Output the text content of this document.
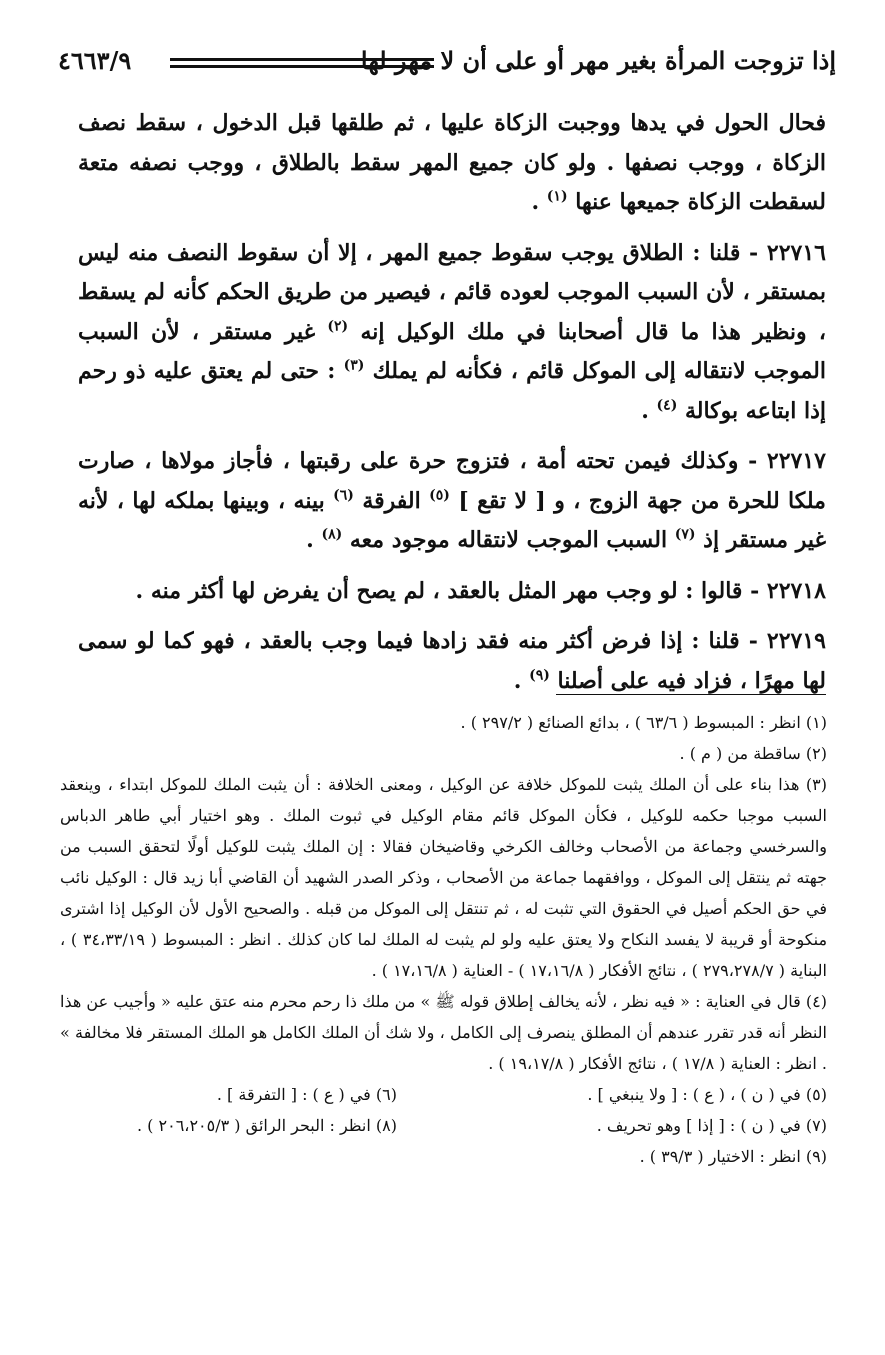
إذا تزوجت المرأة بغير مهر أو على أن لا مهر لها
٤٦٦٣/٩

فحال الحول في يدها ووجبت الزكاة عليها ، ثم طلقها قبل الدخول ، سقط نصف الزكاة ، ووجب نصفها . ولو كان جميع المهر سقط بالطلاق ، ووجب نصفه متعة لسقطت الزكاة جميعها عنها $^{(١)}$ .

٢٢٧١٦ - قلنا : الطلاق يوجب سقوط جميع المهر ، إلا أن سقوط النصف منه ليس بمستقر ، لأن السبب الموجب لعوده قائم ، فيصير من طريق الحكم كأنه لم يسقط ، ونظير هذا ما قال أصحابنا في ملك الوكيل إنه $^{(٢)}$ غير مستقر ، لأن السبب الموجب لانتقاله إلى الموكل قائم ، فكأنه لم يملك $^{(٣)}$ : حتى لم يعتق عليه ذو رحم إذا ابتاعه بوكالة $^{(٤)}$ .

٢٢٧١٧ - وكذلك فيمن تحته أمة ، فتزوج حرة على رقبتها ، فأجاز مولاها ، صارت ملكا للحرة من جهة الزوج ، و [ لا تقع ] $^{(٥)}$ الفرقة $^{(٦)}$ بينه ، وبينها بملكه لها ، لأنه غير مستقر إذ $^{(٧)}$ السبب الموجب لانتقاله موجود معه $^{(٨)}$ .

٢٢٧١٨ - قالوا : لو وجب مهر المثل بالعقد ، لم يصح أن يفرض لها أكثر منه .

٢٢٧١٩ - قلنا : إذا فرض أكثر منه فقد زادها فيما وجب بالعقد ، فهو كما لو سمى لها مهرًا ، فزاد فيه على أصلنا $^{(٩)}$ .

(١) انظر : المبسوط ( ٦٣/٦ ) ، بدائع الصنائع ( ٢٩٧/٢ ) .

(٢) ساقطة من ( م ) .

(٣) هذا بناء على أن الملك يثبت للموكل خلافة عن الوكيل ، ومعنى الخلافة : أن يثبت الملك للموكل ابتداء ، وينعقد السبب موجبا حكمه للوكيل ، فكأن الموكل قائم مقام الوكيل في ثبوت الملك . وهو اختيار أبي طاهر الدباس والسرخسي وجماعة من الأصحاب وخالف الكرخي وقاضيخان فقالا : إن الملك يثبت للوكيل أولًا لتحقق السبب من جهته ثم ينتقل إلى الموكل ، ووافقهما جماعة من الأصحاب ، وذكر الصدر الشهيد أن القاضي أبا زيد قال : الوكيل نائب في حق الحكم أصيل في الحقوق التي تثبت له ، ثم تنتقل إلى الموكل من قبله . والصحيح الأول لأن الوكيل إذا اشترى منكوحة أو قريبة لا يفسد النكاح ولا يعتق عليه ولو لم يثبت له الملك لما كان كذلك . انظر : المبسوط ( ٣٤،٣٣/١٩ ) ، البناية ( ٢٧٩،٢٧٨/٧ ) ، نتائج الأفكار ( ١٧،١٦/٨ ) - العناية ( ١٧،١٦/٨ ) .

(٤) قال في العناية : « فيه نظر ، لأنه يخالف إطلاق قوله ﷺ » من ملك ذا رحم محرم منه عتق عليه « وأجيب عن هذا النظر أنه قدر تقرر عندهم أن المطلق ينصرف إلى الكامل ، ولا شك أن الملك الكامل هو الملك المستقر فلا مخالفة » . انظر : العناية ( ١٧/٨ ) ، نتائج الأفكار ( ١٩،١٧/٨ ) .

(٥) في ( ن ) ، ( ع ) : [ ولا ينبغي ] .
(٦) في ( ع ) : [ التفرقة ] .
(٧) في ( ن ) : [ إذا ] وهو تحريف .
(٨) انظر : البحر الرائق ( ٢٠٦،٢٠٥/٣ ) .

(٩) انظر : الاختيار ( ٣٩/٣ ) .
